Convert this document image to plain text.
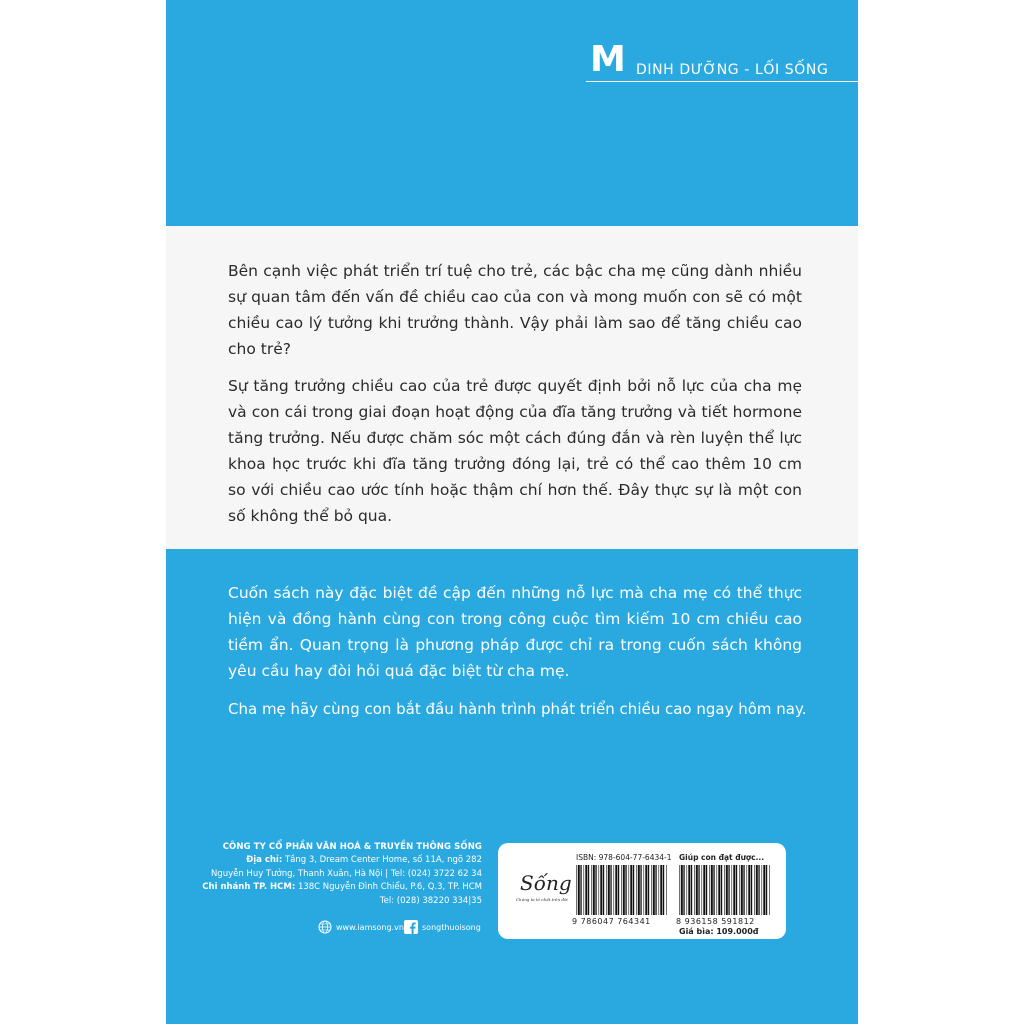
M DINH DƯỠNG - LỐI SỐNG

Bên cạnh việc phát triển trí tuệ cho trẻ, các bậc cha mẹ cũng dành nhiều sự quan tâm đến vấn đề chiều cao của con và mong muốn con sẽ có một chiều cao lý tưởng khi trưởng thành. Vậy phải làm sao để tăng chiều cao cho trẻ?

Sự tăng trưởng chiều cao của trẻ được quyết định bởi nỗ lực của cha mẹ và con cái trong giai đoạn hoạt động của đĩa tăng trưởng và tiết hormone tăng trưởng. Nếu được chăm sóc một cách đúng đắn và rèn luyện thể lực khoa học trước khi đĩa tăng trưởng đóng lại, trẻ có thể cao thêm 10 cm so với chiều cao ước tính hoặc thậm chí hơn thế. Đây thực sự là một con số không thể bỏ qua.

Cuốn sách này đặc biệt đề cập đến những nỗ lực mà cha mẹ có thể thực hiện và đồng hành cùng con trong công cuộc tìm kiếm 10 cm chiều cao tiềm ẩn. Quan trọng là phương pháp được chỉ ra trong cuốn sách không yêu cầu hay đòi hỏi quá đặc biệt từ cha mẹ.

Cha mẹ hãy cùng con bắt đầu hành trình phát triển chiều cao ngay hôm nay.

CÔNG TY CỔ PHẦN VĂN HOÁ & TRUYỀN THÔNG SỐNG
Địa chỉ: Tầng 3, Dream Center Home, số 11A, ngõ 282
Nguyễn Huy Tưởng, Thanh Xuân, Hà Nội | Tel: (024) 3722 62 34
Chi nhánh TP. HCM: 138C Nguyễn Đình Chiểu, P.6, Q.3, TP. HCM
Tel: (028) 38220 334|35
www.iamsong.vn songthuoisong
Sống
Chúng ta tỏ nhất trên đời
ISBN: 978-604-77-6434-1
9 786047 764341
Giúp con đạt được...
8 936158 591812
Giá bìa: 109.000đ
